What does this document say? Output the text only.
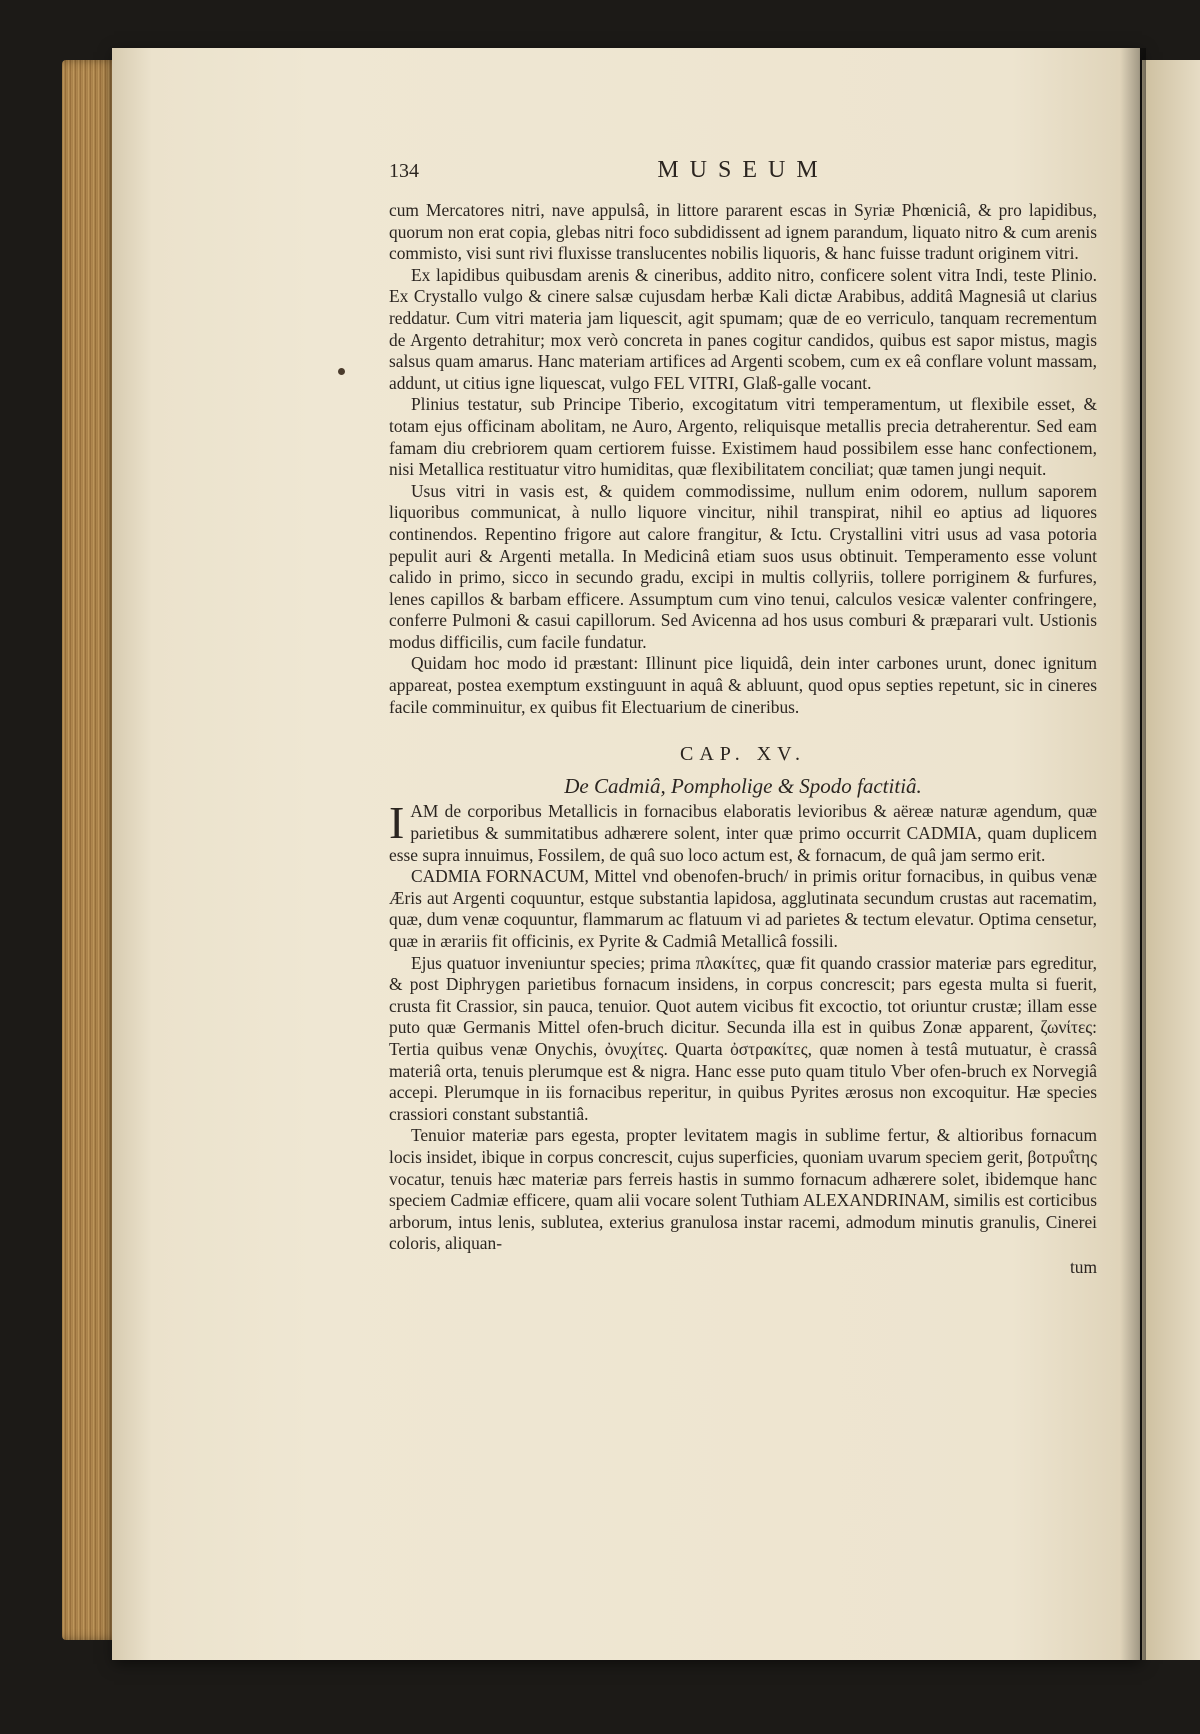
134	MUSEUM

cum Mercatores nitri, nave appulsâ, in littore pararent escas in Syriæ Phœniciâ, & pro lapidibus, quorum non erat copia, glebas nitri foco subdidissent ad ignem parandum, liquato nitro & cum arenis commisto, visi sunt rivi fluxisse translucentes nobilis liquoris, & hanc fuisse tradunt originem vitri.

Ex lapidibus quibusdam arenis & cineribus, addito nitro, conficere solent vitra Indi, teste Plinio. Ex Crystallo vulgo & cinere salsæ cujusdam herbæ Kali dictæ Arabibus, additâ Magnesiâ ut clarius reddatur. Cum vitri materia jam liquescit, agit spumam; quæ de eo verriculo, tanquam recrementum de Argento detrahitur; mox verò concreta in panes cogitur candidos, quibus est sapor mistus, magis salsus quam amarus. Hanc materiam artifices ad Argenti scobem, cum ex eâ conflare volunt massam, addunt, ut citius igne liquescat, vulgo FEL VITRI, Glaß-galle vocant.

Plinius testatur, sub Principe Tiberio, excogitatum vitri temperamentum, ut flexibile esset, & totam ejus officinam abolitam, ne Auro, Argento, reliquisque metallis precia detraherentur. Sed eam famam diu crebriorem quam certiorem fuisse. Existimem haud possibilem esse hanc confectionem, nisi Metallica restituatur vitro humiditas, quæ flexibilitatem conciliat; quæ tamen jungi nequit.

Usus vitri in vasis est, & quidem commodissime, nullum enim odorem, nullum saporem liquoribus communicat, à nullo liquore vincitur, nihil transpirat, nihil eo aptius ad liquores continendos. Repentino frigore aut calore frangitur, & Ictu. Crystallini vitri usus ad vasa potoria pepulit auri & Argenti metalla. In Medicinâ etiam suos usus obtinuit. Temperamento esse volunt calido in primo, sicco in secundo gradu, excipi in multis collyriis, tollere porriginem & furfures, lenes capillos & barbam efficere. Assumptum cum vino tenui, calculos vesicæ valenter confringere, conferre Pulmoni & casui capillorum. Sed Avicenna ad hos usus comburi & præparari vult. Ustionis modus difficilis, cum facile fundatur.

Quidam hoc modo id præstant: Illinunt pice liquidâ, dein inter carbones urunt, donec ignitum appareat, postea exemptum exstinguunt in aquâ & abluunt, quod opus septies repetunt, sic in cineres facile comminuitur, ex quibus fit Electuarium de cineribus.

CAP. XV.

De Cadmiâ, Pompholige & Spodo factitiâ.

IAM de corporibus Metallicis in fornacibus elaboratis levioribus & aëreæ naturæ agendum, quæ parietibus & summitatibus adhærere solent, inter quæ primo occurrit CADMIA, quam duplicem esse supra innuimus, Fossilem, de quâ suo loco actum est, & fornacum, de quâ jam sermo erit.

CADMIA FORNACUM, Mittel vnd obenofen-bruch/ in primis oritur fornacibus, in quibus venæ Æris aut Argenti coquuntur, estque substantia lapidosa, agglutinata secundum crustas aut racematim, quæ, dum venæ coquuntur, flammarum ac flatuum vi ad parietes & tectum elevatur. Optima censetur, quæ in ærariis fit officinis, ex Pyrite & Cadmiâ Metallicâ fossili.

Ejus quatuor inveniuntur species; prima πλακίτες, quæ fit quando crassior materiæ pars egreditur, & post Diphrygen parietibus fornacum insidens, in corpus concrescit; pars egesta multa si fuerit, crusta fit Crassior, sin pauca, tenuior. Quot autem vicibus fit excoctio, tot oriuntur crustæ; illam esse puto quæ Germanis Mittel ofen-bruch dicitur. Secunda illa est in quibus Zonæ apparent, ζωνίτες: Tertia quibus venæ Onychis, ὀνυχίτες. Quarta ὀστρακίτες, quæ nomen à testâ mutuatur, è crassâ materiâ orta, tenuis plerumque est & nigra. Hanc esse puto quam titulo Vber ofen-bruch ex Norvegiâ accepi. Plerumque in iis fornacibus reperitur, in quibus Pyrites ærosus non excoquitur. Hæ species crassiori constant substantiâ.

Tenuior materiæ pars egesta, propter levitatem magis in sublime fertur, & altioribus fornacum locis insidet, ibique in corpus concrescit, cujus superficies, quoniam uvarum speciem gerit, βοτρυΐτης vocatur, tenuis hæc materiæ pars ferreis hastis in summo fornacum adhærere solet, ibidemque hanc speciem Cadmiæ efficere, quam alii vocare solent Tuthiam ALEXANDRINAM, similis est corticibus arborum, intus lenis, sublutea, exterius granulosa instar racemi, admodum minutis granulis, Cinerei coloris, aliquan-

tum
